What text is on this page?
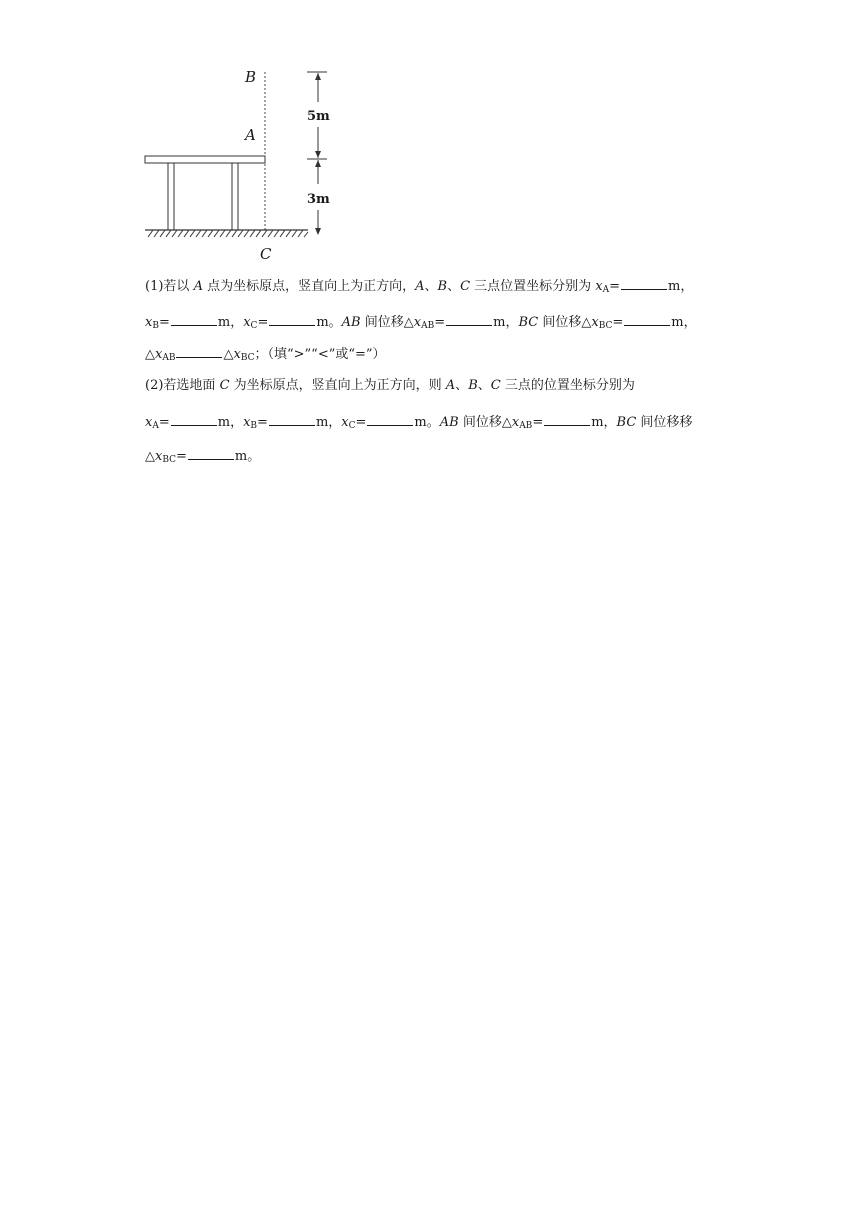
B
A
C
5m
3m
(1)若以 A 点为坐标原点，竖直向上为正方向，A、B、C 三点位置坐标分别为 $x_A=$	m，
$x_B=$	m，$x_C=$	m。AB 间位移$\triangle x_{AB}=$	m，BC 间位移$\triangle x_{BC}=$	m，
$\triangle x_{AB}$	$\triangle x_{BC}$；（填“>”“<”或“=”）
(2)若选地面 C 为坐标原点，竖直向上为正方向，则 A、B、C 三点的位置坐标分别为
$x_A=$	m，$x_B=$	m，$x_C=$	m。AB 间位移$\triangle x_{AB}=$	m，BC 间位移移
$\triangle x_{BC}=$	m。
